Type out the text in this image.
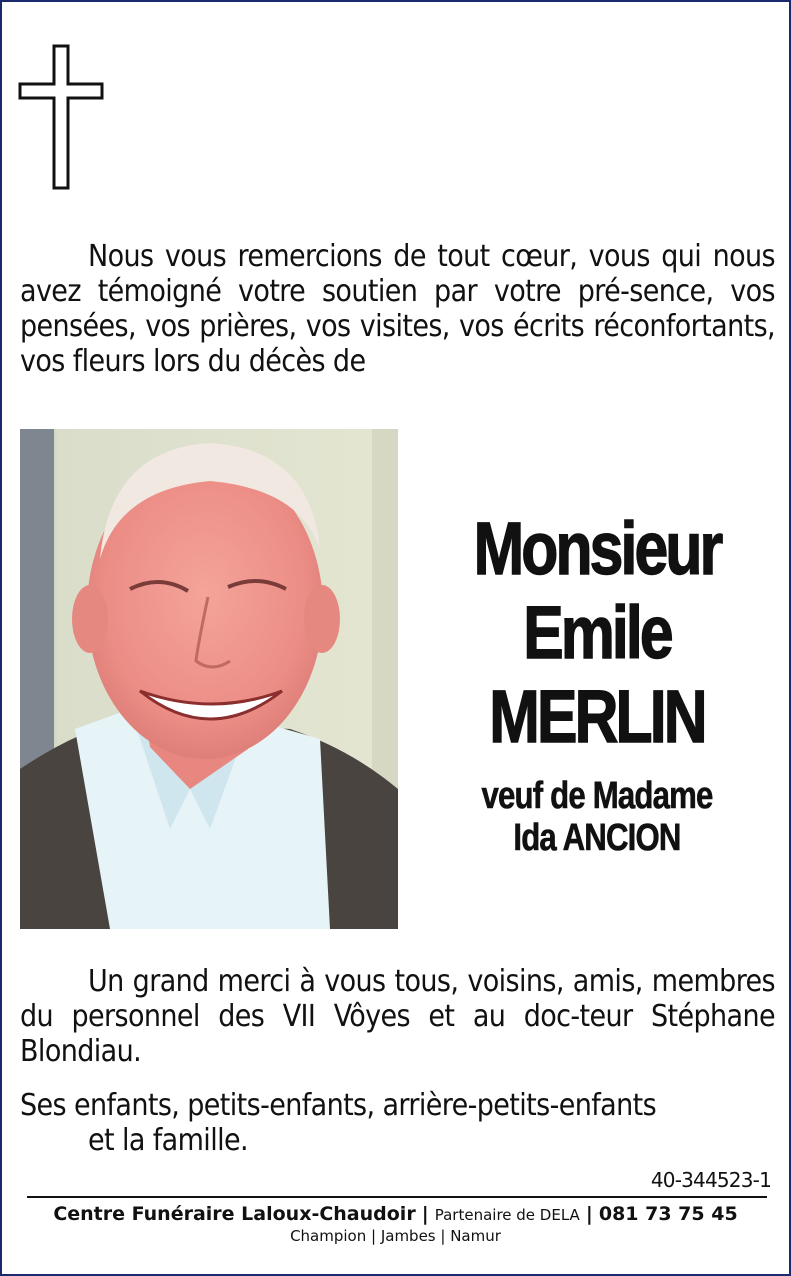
Nous vous remercions de tout cœur, vous qui nous avez témoigné votre soutien par votre pré-sence, vos pensées, vos prières, vos visites, vos écrits réconfortants, vos fleurs lors du décès de
Monsieur
Emile
MERLIN
veuf de Madame
Ida ANCION
Un grand merci à vous tous, voisins, amis, membres du personnel des VII Vôyes et au doc-teur Stéphane Blondiau.
Ses enfants, petits-enfants, arrière-petits-enfants
et la famille.
40-344523-1
Centre Funéraire Laloux-Chaudoir | Partenaire de DELA | 081 73 75 45
Champion | Jambes | Namur
